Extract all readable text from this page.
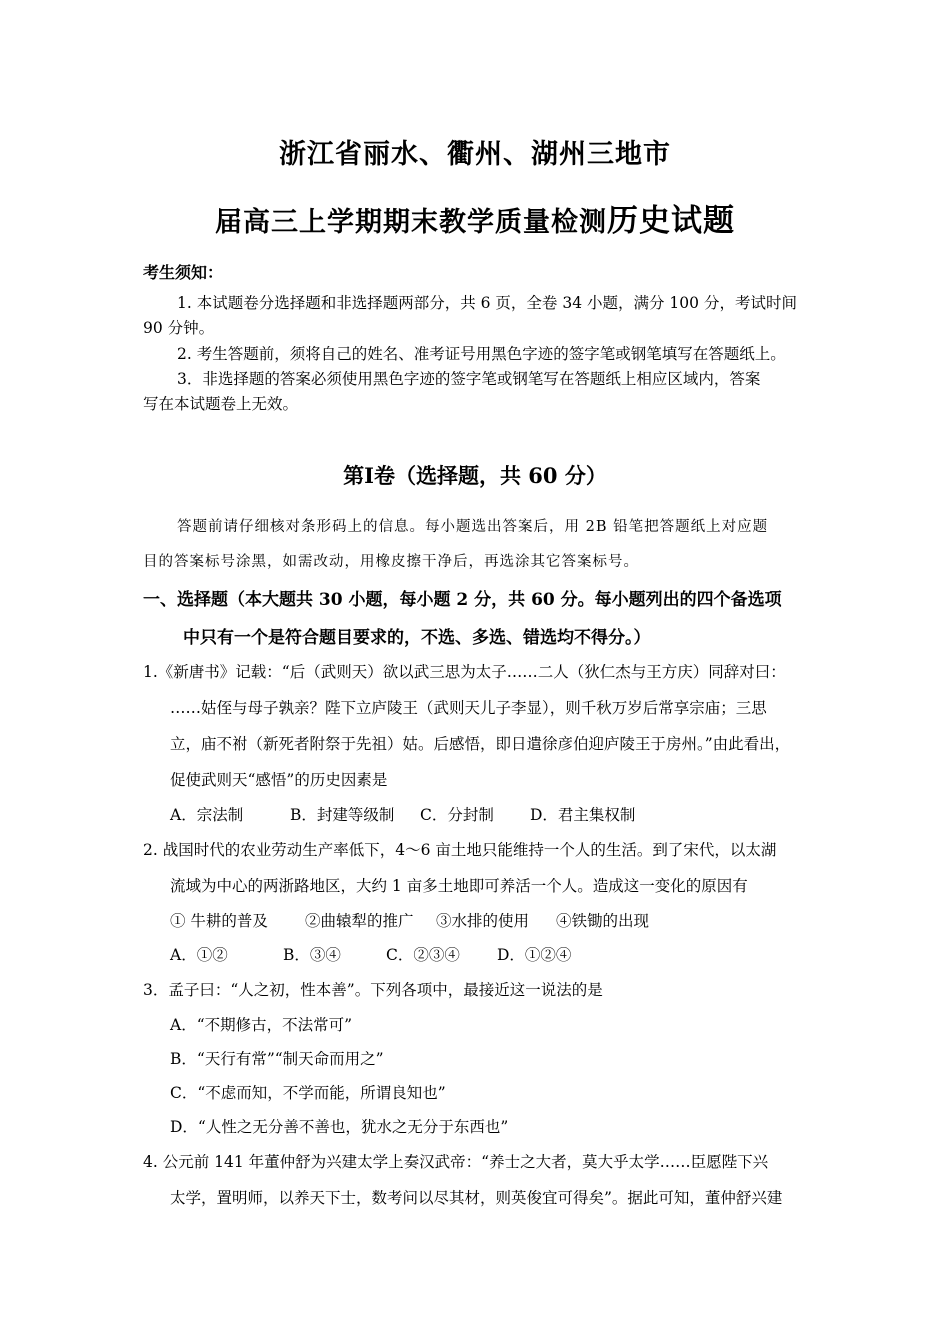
浙江省丽水、衢州、湖州三地市
届高三上学期期末教学质量检测历史试题
考生须知：
1. 本试题卷分选择题和非选择题两部分，共 6 页，全卷 34 小题，满分 100 分，考试时间
90 分钟。
2. 考生答题前，须将自己的姓名、准考证号用黑色字迹的签字笔或钢笔填写在答题纸上。
3．非选择题的答案必须使用黑色字迹的签字笔或钢笔写在答题纸上相应区域内，答案
写在本试题卷上无效。
第Ⅰ卷（选择题，共 60 分）
答题前请仔细核对条形码上的信息。每小题选出答案后，用 2B 铅笔把答题纸上对应题
目的答案标号涂黑，如需改动，用橡皮擦干净后，再选涂其它答案标号。
一、选择题（本大题共 30 小题，每小题 2 分，共 60 分。每小题列出的四个备选项
中只有一个是符合题目要求的，不选、多选、错选均不得分。）
1.《新唐书》记载：“后（武则天）欲以武三思为太子……二人（狄仁杰与王方庆）同辞对曰：
……姑侄与母子孰亲？陛下立庐陵王（武则天儿子李显），则千秋万岁后常享宗庙；三思
立，庙不祔（新死者附祭于先祖）姑。后感悟，即日遣徐彦伯迎庐陵王于房州。”由此看出，
促使武则天“感悟”的历史因素是
A．宗法制	B．封建等级制 C．分封制 D．君主集权制
2. 战国时代的农业劳动生产率低下，4～6 亩土地只能维持一个人的生活。到了宋代，以太湖
流域为中心的两浙路地区，大约 1 亩多土地即可养活一个人。造成这一变化的原因有
① 牛耕的普及 ②曲辕犁的推广 ③水排的使用 ④铁锄的出现
A．①②	B．③④	C．②③④ D．①②④
3．孟子曰：“人之初，性本善”。下列各项中，最接近这一说法的是
A．“不期修古，不法常可”
B．“天行有常”“制天命而用之”
C．“不虑而知，不学而能，所谓良知也”
D．“人性之无分善不善也，犹水之无分于东西也”
4. 公元前 141 年董仲舒为兴建太学上奏汉武帝：“养士之大者，莫大乎太学……臣愿陛下兴
太学，置明师，以养天下士，数考问以尽其材，则英俊宜可得矣”。据此可知，董仲舒兴建
